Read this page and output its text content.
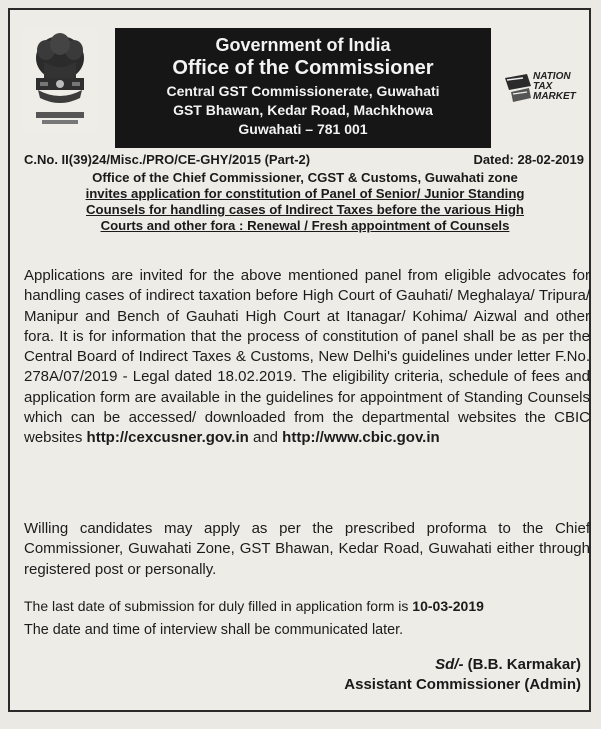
Government of India
Office of the Commissioner
Central GST Commissionerate, Guwahati
GST Bhawan, Kedar Road, Machkhowa
Guwahati – 781 001
NATION
TAX
MARKET
C.No. II(39)24/Misc./PRO/CE-GHY/2015 (Part-2)	Dated: 28-02-2019
Office of the Chief Commissioner, CGST & Customs, Guwahati zone
invites application for constitution of Panel of Senior/ Junior Standing
Counsels for handling cases of Indirect Taxes before the various High
Courts and other fora : Renewal / Fresh appointment of Counsels
Applications are invited for the above mentioned panel from eligible advocates for handling cases of indirect taxation before High Court of Gauhati/ Meghalaya/ Tripura/ Manipur and Bench of Gauhati High Court at Itanagar/ Kohima/ Aizwal and other fora. It is for information that the process of constitution of panel shall be as per the Central Board of Indirect Taxes & Customs, New Delhi's guidelines under letter F.No. 278A/07/2019 - Legal dated 18.02.2019. The eligibility criteria, schedule of fees and application form are available in the guidelines for appointment of Standing Counsels which can be accessed/ downloaded from the departmental websites the CBIC websites http://cexcusner.gov.in and http://www.cbic.gov.in
Willing candidates may apply as per the prescribed proforma to the Chief Commissioner, Guwahati Zone, GST Bhawan, Kedar Road, Guwahati either through registered post or personally.
The last date of submission for duly filled in application form is 10-03-2019
The date and time of interview shall be communicated later.
Sd/- (B.B. Karmakar)
Assistant Commissioner (Admin)
